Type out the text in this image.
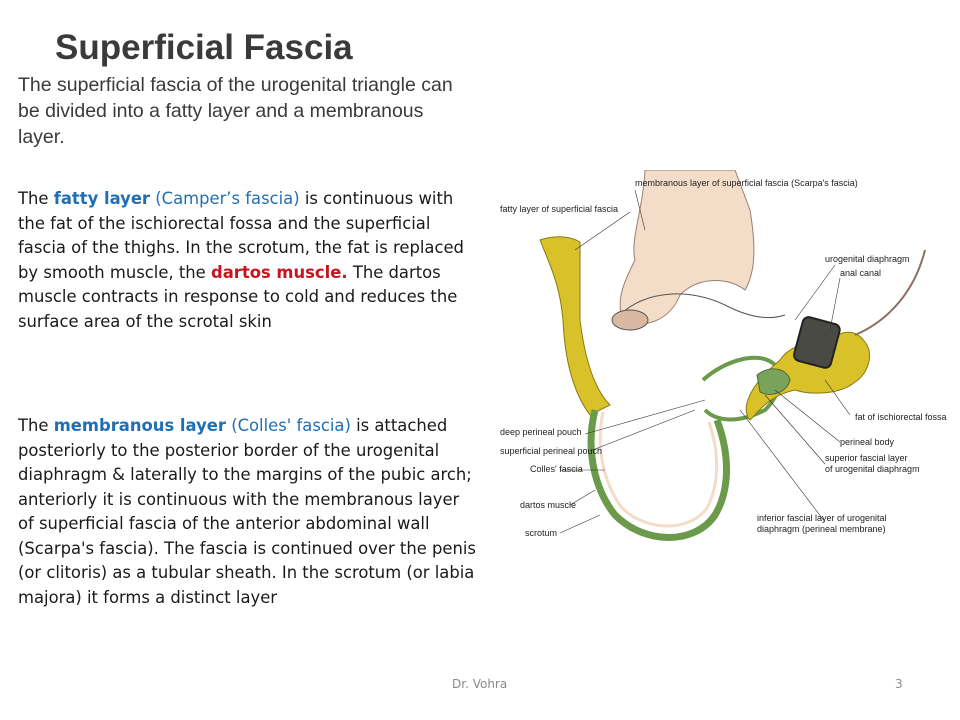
Superficial Fascia
The superficial fascia of the urogenital triangle can be divided into a fatty layer and a membranous layer.
The fatty layer (Camper’s fascia) is continuous with the fat of the ischiorectal fossa and the superficial fascia of the thighs. In the scrotum, the fat is replaced by smooth muscle, the dartos muscle. The dartos muscle contracts in response to cold and reduces the surface area of the scrotal skin
The membranous layer (Colles' fascia) is attached posteriorly to the posterior border of the urogenital diaphragm & laterally to the margins of the pubic arch; anteriorly it is continuous with the membranous layer of superficial fascia of the anterior abdominal wall (Scarpa's fascia). The fascia is continued over the penis (or clitoris) as a tubular sheath. In the scrotum (or labia majora) it forms a distinct layer
membranous layer of superficial fascia (Scarpa's fascia)
fatty layer of superficial fascia
urogenital diaphragm
anal canal
fat of ischiorectal fossa
deep perineal pouch
superficial perineal pouch
perineal body
Colles' fascia
superior fascial layer
of urogenital diaphragm
dartos muscle
inferior fascial layer of urogenital
diaphragm (perineal membrane)
scrotum
Dr. Vohra	3
